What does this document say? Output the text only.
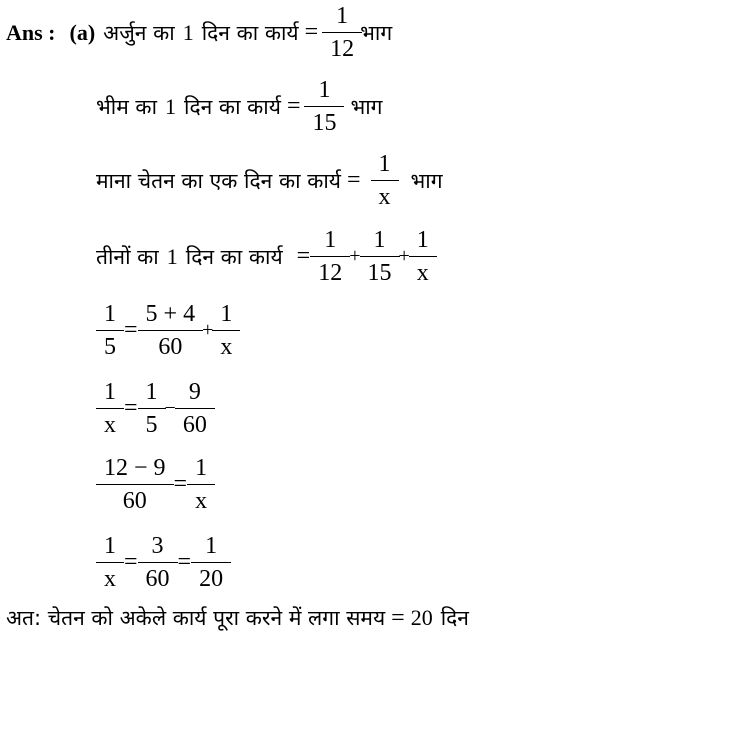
Ans : (a) अर्जुन का 1 दिन का कार्य = $\frac{1}{12}$ भाग
भीम का 1 दिन का कार्य = $\frac{1}{15}$ भाग
माना चेतन का एक दिन का कार्य = $\frac{1}{x}$ भाग
तीनों का 1 दिन का कार्य = $\frac{1}{12} + \frac{1}{15} + \frac{1}{x}$
$\frac{1}{5} = \frac{5 + 4}{60} + \frac{1}{x}$
$\frac{1}{x} = \frac{1}{5} - \frac{9}{60}$
$\frac{12 - 9}{60} = \frac{1}{x}$
$\frac{1}{x} = \frac{3}{60} = \frac{1}{20}$
अत: चेतन को अकेले कार्य पूरा करने में लगा समय = 20 दिन
